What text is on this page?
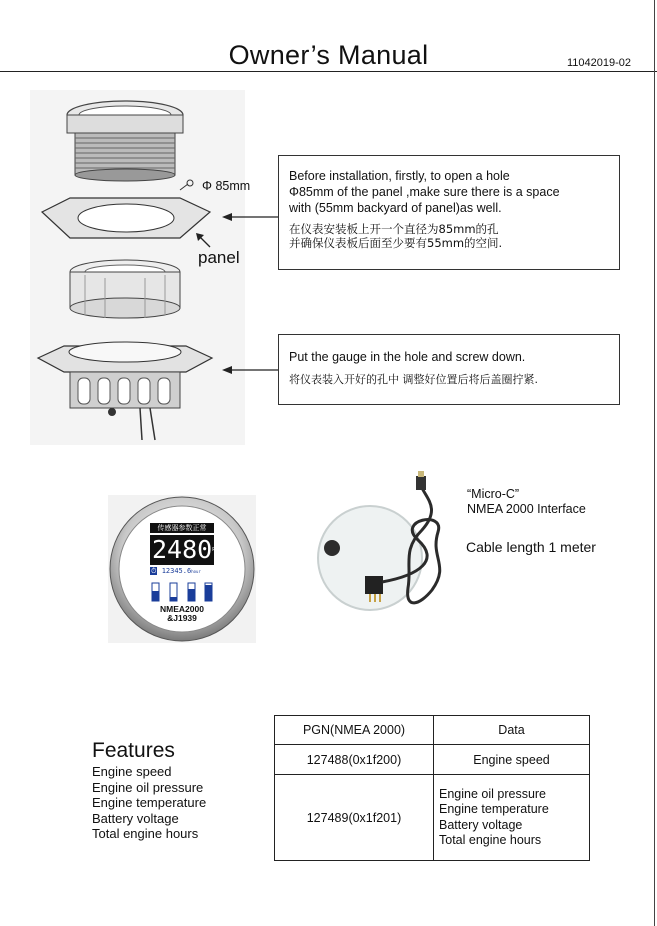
Owner’s Manual	11042019-02
Φ 85mm
panel

Before installation, firstly, to open a hole

Φ85mm of the panel ,make sure there is a space

with (55mm backyard of panel)as well.

在仪表安装板上开一个直径为85mm的孔

并确保仪表板后面至少要有55mm的空间.

Put the gauge in the hole and screw down.

将仪表装入开好的孔中 调整好位置后将后盖圈拧紧.

传感器参数正常
$2480^{RPM}$
⏱ 12345.6hour
NMEA2000
&J1939
“Micro-C”
NMEA 2000 Interface
Cable length 1 meter
Features
Engine speed
Engine oil pressure
Engine temperature
Battery voltage
Total engine hours
PGN(NMEA 2000)	Data
127488(0x1f200)	Engine speed
127489(0x1f201)	Engine oil pressure
Engine temperature
Battery voltage
Total engine hours
